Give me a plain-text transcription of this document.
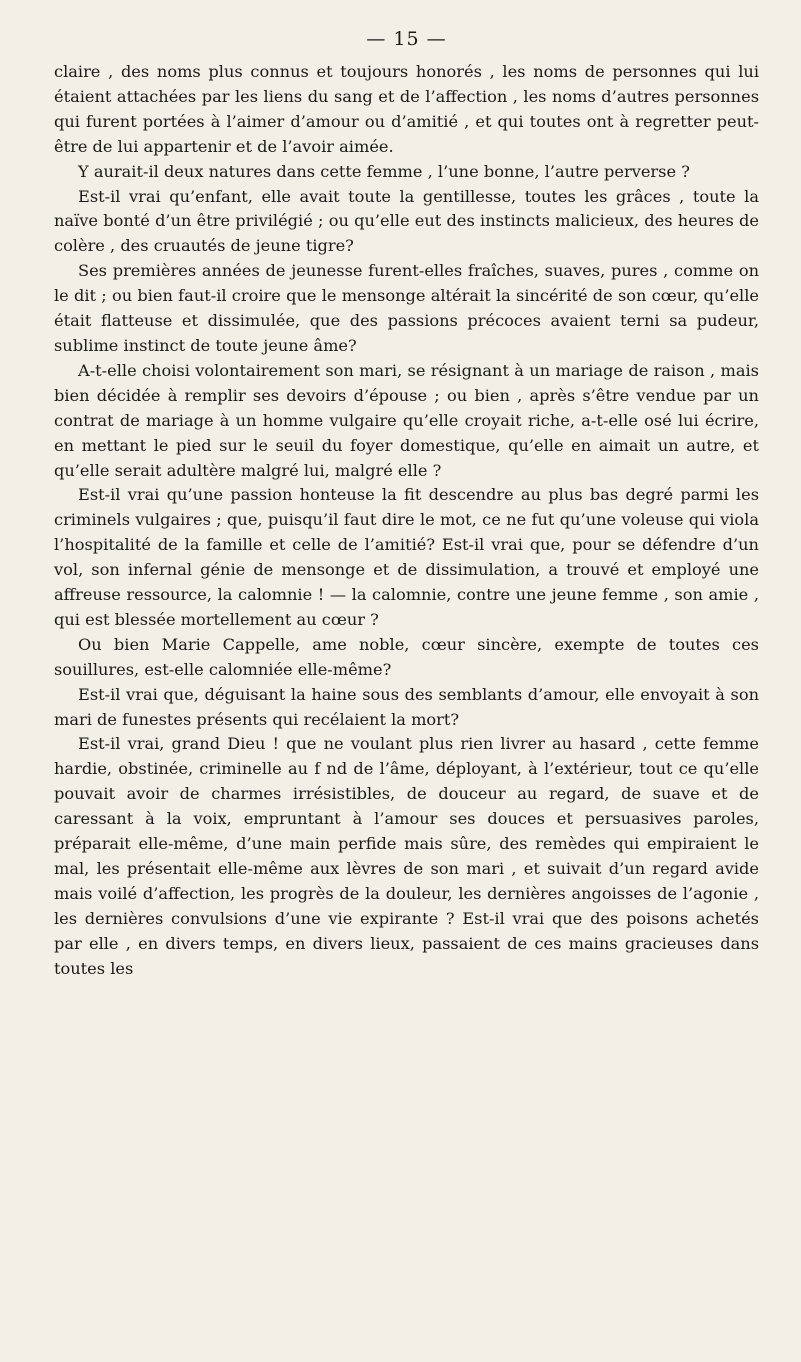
— 15 —

claire , des noms plus connus et toujours honorés , les noms de personnes qui lui étaient attachées par les liens du sang et de l’affection , les noms d’autres personnes qui furent portées à l’aimer d’amour ou d’amitié , et qui toutes ont à regretter peut-être de lui appartenir et de l’avoir aimée.

Y aurait-il deux natures dans cette femme , l’une bonne, l’autre perverse ?

Est-il vrai qu’enfant, elle avait toute la gentillesse, toutes les grâces , toute la naïve bonté d’un être privilégié ; ou qu’elle eut des instincts malicieux, des heures de colère , des cruautés de jeune tigre?

Ses premières années de jeunesse furent-elles fraîches, suaves, pures , comme on le dit ; ou bien faut-il croire que le mensonge altérait la sincérité de son cœur, qu’elle était flatteuse et dissimulée, que des passions précoces avaient terni sa pudeur, sublime instinct de toute jeune âme?

A-t-elle choisi volontairement son mari, se résignant à un mariage de raison , mais bien décidée à remplir ses devoirs d’épouse ; ou bien , après s’être vendue par un contrat de mariage à un homme vulgaire qu’elle croyait riche, a-t-elle osé lui écrire, en mettant le pied sur le seuil du foyer domestique, qu’elle en aimait un autre, et qu’elle serait adultère malgré lui, malgré elle ?

Est-il vrai qu’une passion honteuse la fit descendre au plus bas degré parmi les criminels vulgaires ; que, puisqu’il faut dire le mot, ce ne fut qu’une voleuse qui viola l’hospitalité de la famille et celle de l’amitié? Est-il vrai que, pour se défendre d’un vol, son infernal génie de mensonge et de dissimulation, a trouvé et employé une affreuse ressource, la calomnie ! — la calomnie, contre une jeune femme , son amie , qui est blessée mortellement au cœur ?

Ou bien Marie Cappelle, ame noble, cœur sincère, exempte de toutes ces souillures, est-elle calomniée elle-même?

Est-il vrai que, déguisant la haine sous des semblants d’amour, elle envoyait à son mari de funestes présents qui recélaient la mort?

Est-il vrai, grand Dieu ! que ne voulant plus rien livrer au hasard , cette femme hardie, obstinée, criminelle au f nd de l’âme, déployant, à l’extérieur, tout ce qu’elle pouvait avoir de charmes irrésistibles, de douceur au regard, de suave et de caressant à la voix, empruntant à l’amour ses douces et persuasives paroles, préparait elle-même, d’une main perfide mais sûre, des remèdes qui empiraient le mal, les présentait elle-même aux lèvres de son mari , et suivait d’un regard avide mais voilé d’affection, les progrès de la douleur, les dernières angoisses de l’agonie , les dernières convulsions d’une vie expirante ? Est-il vrai que des poisons achetés par elle , en divers temps, en divers lieux, passaient de ces mains gracieuses dans toutes les
